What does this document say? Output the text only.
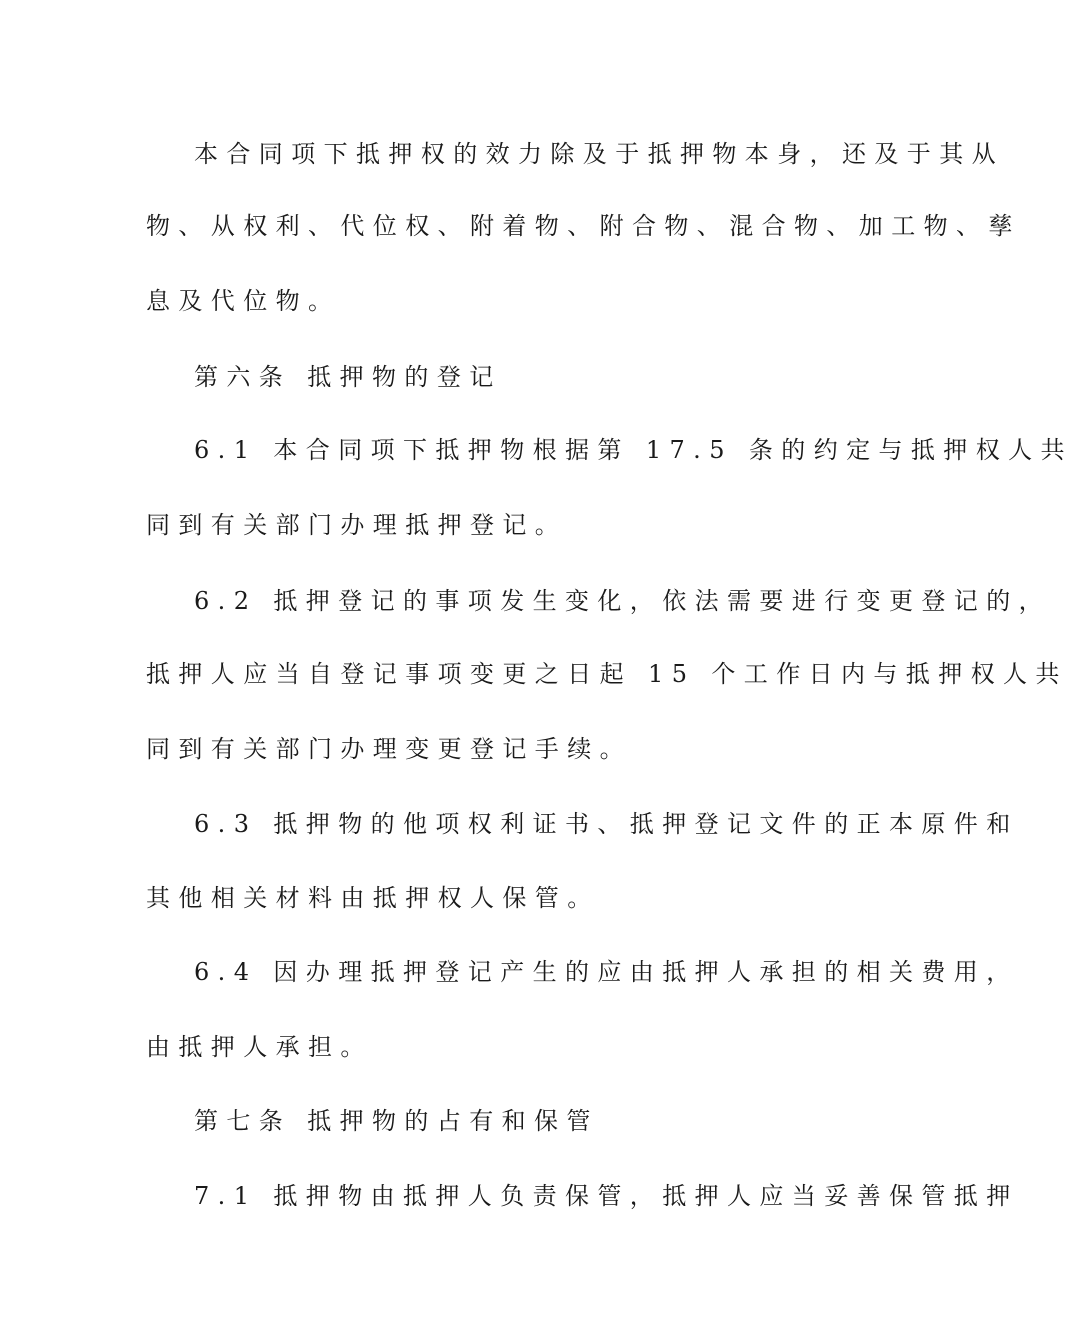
本合同项下抵押权的效力除及于抵押物本身，还及于其从
物、从权利、代位权、附着物、附合物、混合物、加工物、孳
息及代位物。
第六条 抵押物的登记
6.1 本合同项下抵押物根据第 17.5 条的约定与抵押权人共
同到有关部门办理抵押登记。
6.2 抵押登记的事项发生变化，依法需要进行变更登记的，
抵押人应当自登记事项变更之日起 15 个工作日内与抵押权人共
同到有关部门办理变更登记手续。
6.3 抵押物的他项权利证书、抵押登记文件的正本原件和
其他相关材料由抵押权人保管。
6.4 因办理抵押登记产生的应由抵押人承担的相关费用，
由抵押人承担。
第七条 抵押物的占有和保管
7.1 抵押物由抵押人负责保管，抵押人应当妥善保管抵押
